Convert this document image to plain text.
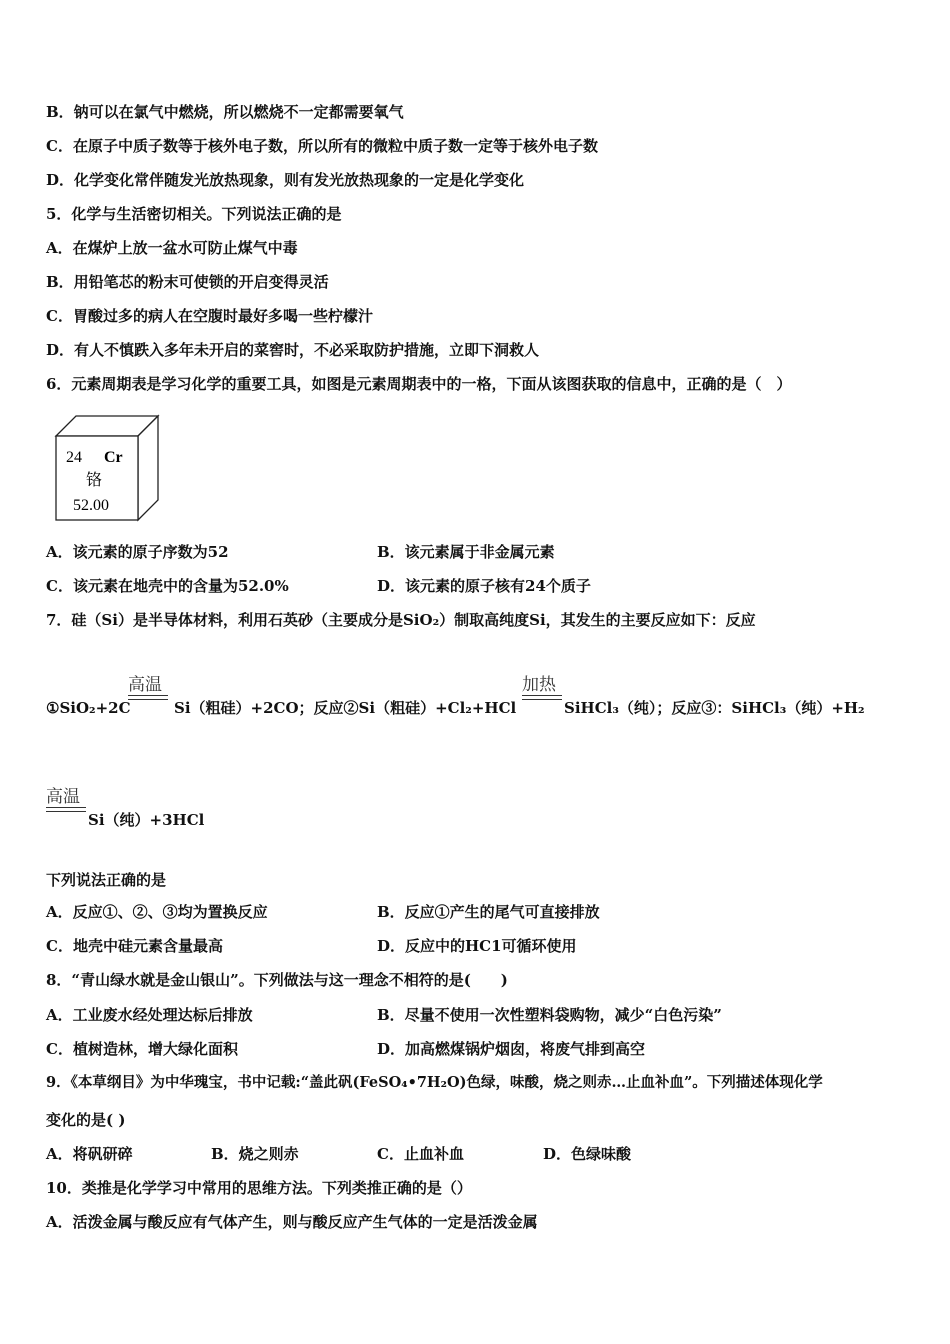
B．钠可以在氯气中燃烧，所以燃烧不一定都需要氧气
C．在原子中质子数等于核外电子数，所以所有的微粒中质子数一定等于核外电子数
D．化学变化常伴随发光放热现象，则有发光放热现象的一定是化学变化
5．化学与生活密切相关。下列说法正确的是
A．在煤炉上放一盆水可防止煤气中毒
B．用铅笔芯的粉末可使锁的开启变得灵活
C．胃酸过多的病人在空腹时最好多喝一些柠檬汁
D．有人不慎跌入多年未开启的菜窖时，不必采取防护措施，立即下洞救人
6．元素周期表是学习化学的重要工具，如图是元素周期表中的一格，下面从该图获取的信息中，正确的是（　）
24 Cr
铬
52.00
A．该元素的原子序数为52	B．该元素属于非金属元素
C．该元素在地壳中的含量为52.0%	D．该元素的原子核有24个质子
7．硅（Si）是半导体材料，利用石英砂（主要成分是SiO₂）制取高纯度Si，其发生的主要反应如下：反应
高温	加热
①SiO₂+2C	Si（粗硅）+2CO；反应②Si（粗硅）+Cl₂+HCl	SiHCl₃（纯）；反应③：SiHCl₃（纯）+H₂
高温
Si（纯）+3HCl
下列说法正确的是
A．反应①、②、③均为置换反应	B．反应①产生的尾气可直接排放
C．地壳中硅元素含量最高	D．反应中的HC1可循环使用
8．“青山绿水就是金山银山”。下列做法与这一理念不相符的是(　　)
A．工业废水经处理达标后排放	B．尽量不使用一次性塑料袋购物，减少“白色污染”
C．植树造林，增大绿化面积	D．加高燃煤锅炉烟囱，将废气排到高空
9．《本草纲目》为中华瑰宝，书中记载:“盖此矾(FeSO₄•7H₂O)色绿，味酸，烧之则赤…止血补血”。下列描述体现化学
变化的是( )
A．将矾研碎	B．烧之则赤	C．止血补血	D．色绿味酸
10．类推是化学学习中常用的思维方法。下列类推正确的是（）
A．活泼金属与酸反应有气体产生，则与酸反应产生气体的一定是活泼金属
